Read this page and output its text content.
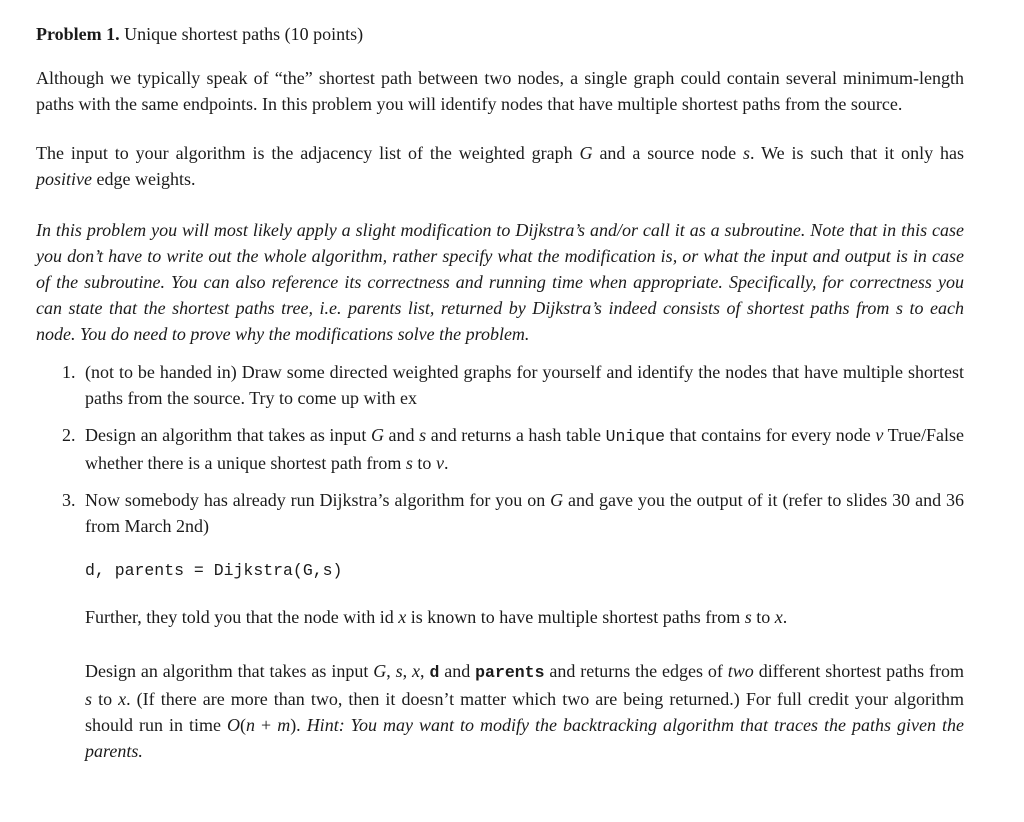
Problem 1. Unique shortest paths (10 points)
Although we typically speak of “the” shortest path between two nodes, a single graph could contain several minimum-length paths with the same endpoints. In this problem you will identify nodes that have multiple shortest paths from the source.
The input to your algorithm is the adjacency list of the weighted graph G and a source node s. We is such that it only has positive edge weights.
In this problem you will most likely apply a slight modification to Dijkstra’s and/or call it as a subroutine. Note that in this case you don’t have to write out the whole algorithm, rather specify what the modification is, or what the input and output is in case of the subroutine. You can also reference its correctness and running time when appropriate. Specifically, for correctness you can state that the shortest paths tree, i.e. parents list, returned by Dijkstra’s indeed consists of shortest paths from s to each node. You do need to prove why the modifications solve the problem.
1. (not to be handed in) Draw some directed weighted graphs for yourself and identify the nodes that have multiple shortest paths from the source. Try to come up with ex
2. Design an algorithm that takes as input G and s and returns a hash table Unique that contains for every node v True/False whether there is a unique shortest path from s to v.
3. Now somebody has already run Dijkstra’s algorithm for you on G and gave you the output of it (refer to slides 30 and 36 from March 2nd)
d, parents = Dijkstra(G,s)
Further, they told you that the node with id x is known to have multiple shortest paths from s to x.
Design an algorithm that takes as input G, s, x, d and parents and returns the edges of two different shortest paths from s to x. (If there are more than two, then it doesn’t matter which two are being returned.) For full credit your algorithm should run in time O(n + m). Hint: You may want to modify the backtracking algorithm that traces the paths given the parents.
